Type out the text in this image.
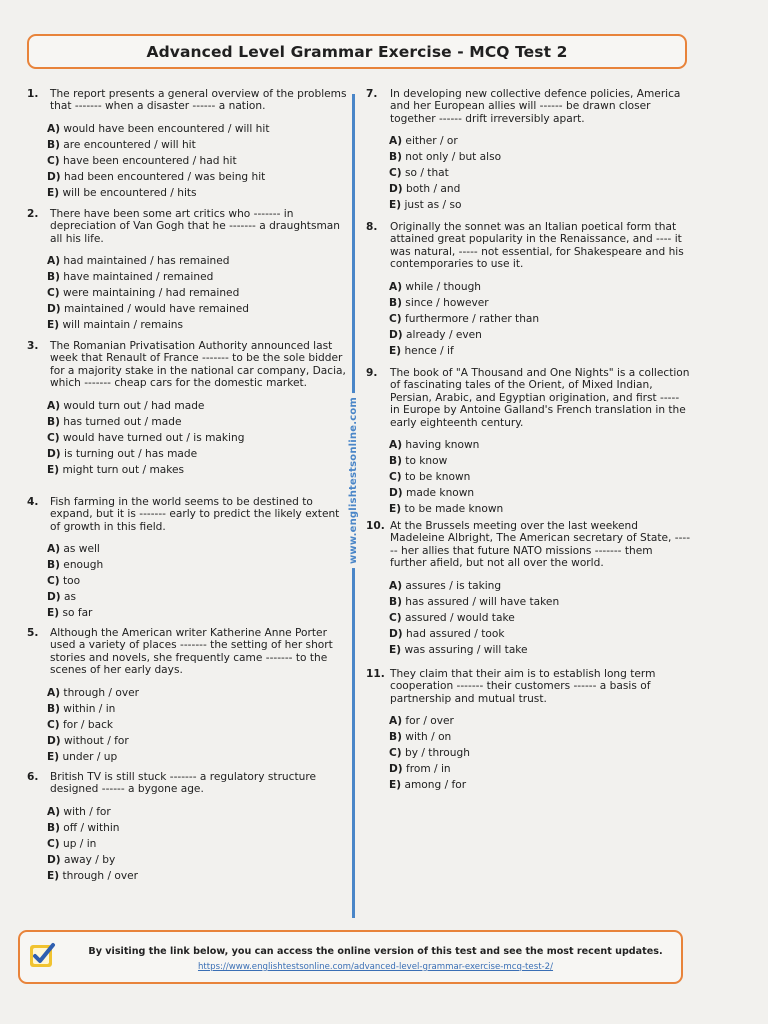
Advanced Level Grammar Exercise - MCQ Test 2
1.	The report presents a general overview of the problems that ------- when a disaster ------ a nation.
A) would have been encountered / will hit
B) are encountered / will hit
C) have been encountered / had hit
D) had been encountered / was being hit
E) will be encountered / hits
2.	There have been some art critics who ------- in depreciation of Van Gogh that he ------- a draughtsman all his life.
A) had maintained / has remained
B) have maintained / remained
C) were maintaining / had remained
D) maintained / would have remained
E) will maintain / remains
3.	The Romanian Privatisation Authority announced last week that Renault of France ------- to be the sole bidder for a majority stake in the national car company, Dacia, which ------- cheap cars for the domestic market.
A) would turn out / had made
B) has turned out / made
C) would have turned out / is making
D) is turning out / has made
E) might turn out / makes
4.	Fish farming in the world seems to be destined to expand, but it is ------- early to predict the likely extent of growth in this field.
A) as well
B) enough
C) too
D) as
E) so far
5.	Although the American writer Katherine Anne Porter used a variety of places ------- the setting of her short stories and novels, she frequently came ------- to the scenes of her early days.
A) through / over
B) within / in
C) for / back
D) without / for
E) under / up
6.	British TV is still stuck ------- a regulatory structure designed ------ a bygone age.
A) with / for
B) off / within
C) up / in
D) away / by
E) through / over
www.englishtestsonline.com
7.	In developing new collective defence policies, America and her European allies will ------ be drawn closer together ------ drift irreversibly apart.
A) either / or
B) not only / but also
C) so / that
D) both / and
E) just as / so
8.	Originally the sonnet was an Italian poetical form that attained great popularity in the Renaissance, and ---- it was natural, ----- not essential, for Shakespeare and his contemporaries to use it.
A) while / though
B) since / however
C) furthermore / rather than
D) already / even
E) hence / if
9.	The book of "A Thousand and One Nights" is a collection of fascinating tales of the Orient, of Mixed Indian, Persian, Arabic, and Egyptian origination, and first ----- in Europe by Antoine Galland's French translation in the early eighteenth century.
A) having known
B) to know
C) to be known
D) made known
E) to be made known
10. At the Brussels meeting over the last weekend Madeleine Albright, The American secretary of State, ------ her allies that future NATO missions ------- them further afield, but not all over the world.
A) assures / is taking
B) has assured / will have taken
C) assured / would take
D) had assured / took
E) was assuring / will take
11. They claim that their aim is to establish long term cooperation ------- their customers ------ a basis of partnership and mutual trust.
A) for / over
B) with / on
C) by / through
D) from / in
E) among / for
By visiting the link below, you can access the online version of this test and see the most recent updates.
https://www.englishtestsonline.com/advanced-level-grammar-exercise-mcq-test-2/
